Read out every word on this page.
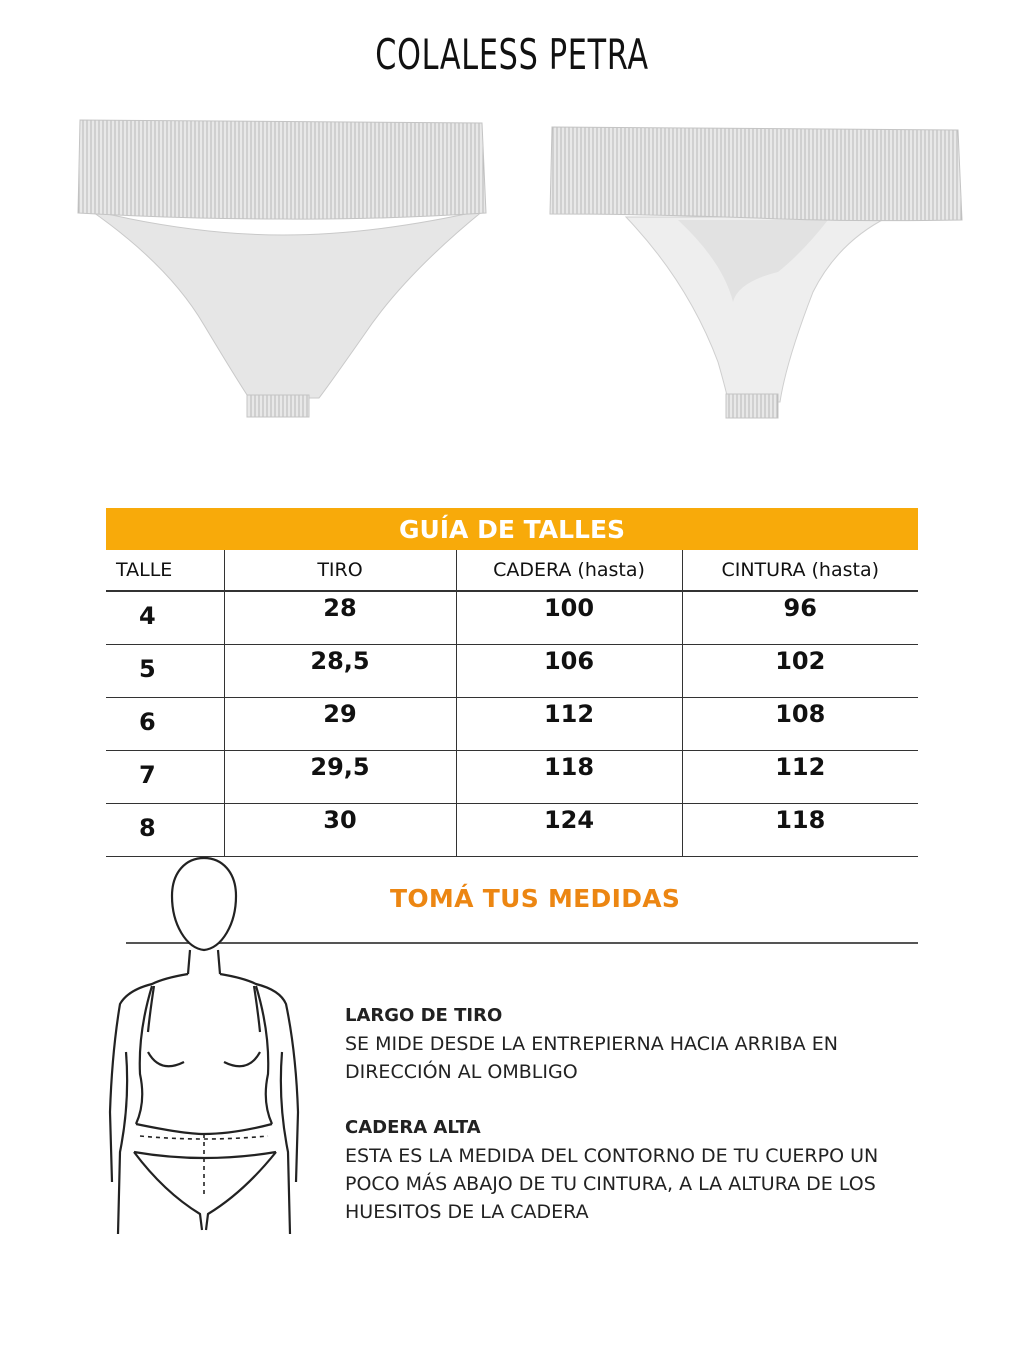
COLALESS PETRA
GUÍA DE TALLES
TALLE	TIRO	CADERA (hasta)	CINTURA (hasta)

4	28	100	96
5	28,5	106	102
6	29	112	108
7	29,5	118	112
8	30	124	118
TOMÁ TUS MEDIDAS
LARGO DE TIRO
SE MIDE DESDE LA ENTREPIERNA HACIA ARRIBA EN DIRECCIÓN AL OMBLIGO
CADERA ALTA
ESTA ES LA MEDIDA DEL CONTORNO DE TU CUERPO UN POCO MÁS ABAJO DE TU CINTURA, A LA ALTURA DE LOS HUESITOS DE LA CADERA
